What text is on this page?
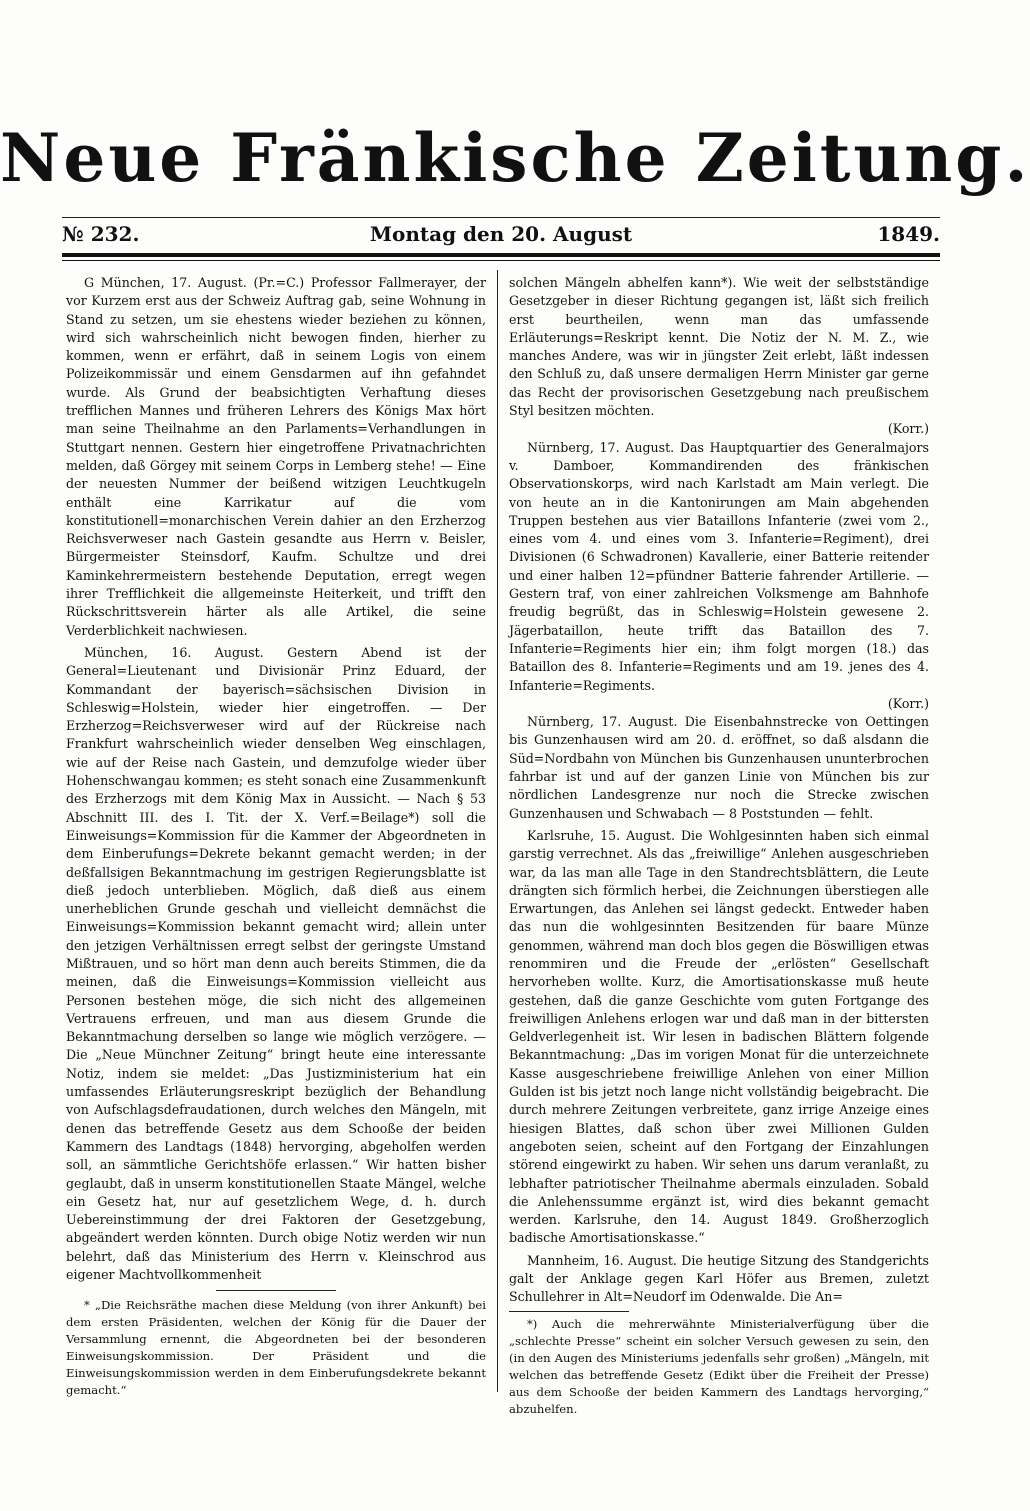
Neue Fränkische Zeitung.
№ 232.	Montag den 20. August	1849.

G München, 17. August. (Pr.=C.) Professor Fallmerayer, der vor Kurzem erst aus der Schweiz Auftrag gab, seine Wohnung in Stand zu setzen, um sie ehestens wieder beziehen zu können, wird sich wahrscheinlich nicht bewogen finden, hierher zu kommen, wenn er erfährt, daß in seinem Logis von einem Polizeikommissär und einem Gensdarmen auf ihn gefahndet wurde. Als Grund der beabsichtigten Verhaftung dieses trefflichen Mannes und früheren Lehrers des Königs Max hört man seine Theilnahme an den Parlaments=Verhandlungen in Stuttgart nennen. Gestern hier eingetroffene Privatnachrichten melden, daß Görgey mit seinem Corps in Lemberg stehe! — Eine der neuesten Nummer der beißend witzigen Leuchtkugeln enthält eine Karrikatur auf die vom konstitutionell=monarchischen Verein dahier an den Erzherzog Reichsverweser nach Gastein gesandte aus Herrn v. Beisler, Bürgermeister Steinsdorf, Kaufm. Schultze und drei Kaminkehrermeistern bestehende Deputation, erregt wegen ihrer Trefflichkeit die allgemeinste Heiterkeit, und trifft den Rückschrittsverein härter als alle Artikel, die seine Verderblichkeit nachwiesen.

München, 16. August. Gestern Abend ist der General=Lieutenant und Divisionär Prinz Eduard, der Kommandant der bayerisch=sächsischen Division in Schleswig=Holstein, wieder hier eingetroffen. — Der Erzherzog=Reichsverweser wird auf der Rückreise nach Frankfurt wahrscheinlich wieder denselben Weg einschlagen, wie auf der Reise nach Gastein, und demzufolge wieder über Hohenschwangau kommen; es steht sonach eine Zusammenkunft des Erzherzogs mit dem König Max in Aussicht. — Nach § 53 Abschnitt III. des I. Tit. der X. Verf.=Beilage*) soll die Einweisungs=Kommission für die Kammer der Abgeordneten in dem Einberufungs=Dekrete bekannt gemacht werden; in der deßfallsigen Bekanntmachung im gestrigen Regierungsblatte ist dieß jedoch unterblieben. Möglich, daß dieß aus einem unerheblichen Grunde geschah und vielleicht demnächst die Einweisungs=Kommission bekannt gemacht wird; allein unter den jetzigen Verhältnissen erregt selbst der geringste Umstand Mißtrauen, und so hört man denn auch bereits Stimmen, die da meinen, daß die Einweisungs=Kommission vielleicht aus Personen bestehen möge, die sich nicht des allgemeinen Vertrauens erfreuen, und man aus diesem Grunde die Bekanntmachung derselben so lange wie möglich verzögere. — Die „Neue Münchner Zeitung“ bringt heute eine interessante Notiz, indem sie meldet: „Das Justizministerium hat ein umfassendes Erläuterungsreskript bezüglich der Behandlung von Aufschlagsdefraudationen, durch welches den Mängeln, mit denen das betreffende Gesetz aus dem Schooße der beiden Kammern des Landtags (1848) hervorging, abgeholfen werden soll, an sämmtliche Gerichtshöfe erlassen.“ Wir hatten bisher geglaubt, daß in unserm konstitutionellen Staate Mängel, welche ein Gesetz hat, nur auf gesetzlichem Wege, d. h. durch Uebereinstimmung der drei Faktoren der Gesetzgebung, abgeändert werden könnten. Durch obige Notiz werden wir nun belehrt, daß das Ministerium des Herrn v. Kleinschrod aus eigener Machtvollkommenheit

* „Die Reichsräthe machen diese Meldung (von ihrer Ankunft) bei dem ersten Präsidenten, welchen der König für die Dauer der Versammlung ernennt, die Abgeordneten bei der besonderen Einweisungskommission. Der Präsident und die Einweisungskommission werden in dem Einberufungsdekrete bekannt gemacht.“

solchen Mängeln abhelfen kann*). Wie weit der selbstständige Gesetzgeber in dieser Richtung gegangen ist, läßt sich freilich erst beurtheilen, wenn man das umfassende Erläuterungs=Reskript kennt. Die Notiz der N. M. Z., wie manches Andere, was wir in jüngster Zeit erlebt, läßt indessen den Schluß zu, daß unsere dermaligen Herrn Minister gar gerne das Recht der provisorischen Gesetzgebung nach preußischem Styl besitzen möchten.

(Korr.)

Nürnberg, 17. August. Das Hauptquartier des Generalmajors v. Damboer, Kommandirenden des fränkischen Observationskorps, wird nach Karlstadt am Main verlegt. Die von heute an in die Kantonirungen am Main abgehenden Truppen bestehen aus vier Bataillons Infanterie (zwei vom 2., eines vom 4. und eines vom 3. Infanterie=Regiment), drei Divisionen (6 Schwadronen) Kavallerie, einer Batterie reitender und einer halben 12=pfündner Batterie fahrender Artillerie. — Gestern traf, von einer zahlreichen Volksmenge am Bahnhofe freudig begrüßt, das in Schleswig=Holstein gewesene 2. Jägerbataillon, heute trifft das Bataillon des 7. Infanterie=Regiments hier ein; ihm folgt morgen (18.) das Bataillon des 8. Infanterie=Regiments und am 19. jenes des 4. Infanterie=Regiments.

(Korr.)

Nürnberg, 17. August. Die Eisenbahnstrecke von Oettingen bis Gunzenhausen wird am 20. d. eröffnet, so daß alsdann die Süd=Nordbahn von München bis Gunzenhausen ununterbrochen fahrbar ist und auf der ganzen Linie von München bis zur nördlichen Landesgrenze nur noch die Strecke zwischen Gunzenhausen und Schwabach — 8 Poststunden — fehlt.

Karlsruhe, 15. August. Die Wohlgesinnten haben sich einmal garstig verrechnet. Als das „freiwillige“ Anlehen ausgeschrieben war, da las man alle Tage in den Standrechtsblättern, die Leute drängten sich förmlich herbei, die Zeichnungen überstiegen alle Erwartungen, das Anlehen sei längst gedeckt. Entweder haben das nun die wohlgesinnten Besitzenden für baare Münze genommen, während man doch blos gegen die Böswilligen etwas renommiren und die Freude der „erlösten“ Gesellschaft hervorheben wollte. Kurz, die Amortisationskasse muß heute gestehen, daß die ganze Geschichte vom guten Fortgange des freiwilligen Anlehens erlogen war und daß man in der bittersten Geldverlegenheit ist. Wir lesen in badischen Blättern folgende Bekanntmachung: „Das im vorigen Monat für die unterzeichnete Kasse ausgeschriebene freiwillige Anlehen von einer Million Gulden ist bis jetzt noch lange nicht vollständig beigebracht. Die durch mehrere Zeitungen verbreitete, ganz irrige Anzeige eines hiesigen Blattes, daß schon über zwei Millionen Gulden angeboten seien, scheint auf den Fortgang der Einzahlungen störend eingewirkt zu haben. Wir sehen uns darum veranlaßt, zu lebhafter patriotischer Theilnahme abermals einzuladen. Sobald die Anlehenssumme ergänzt ist, wird dies bekannt gemacht werden. Karlsruhe, den 14. August 1849. Großherzoglich badische Amortisationskasse.“

Mannheim, 16. August. Die heutige Sitzung des Standgerichts galt der Anklage gegen Karl Höfer aus Bremen, zuletzt Schullehrer in Alt=Neudorf im Odenwalde. Die An=

*) Auch die mehrerwähnte Ministerialverfügung über die „schlechte Presse“ scheint ein solcher Versuch gewesen zu sein, den (in den Augen des Ministeriums jedenfalls sehr großen) „Mängeln, mit welchen das betreffende Gesetz (Edikt über die Freiheit der Presse) aus dem Schooße der beiden Kammern des Landtags hervorging,“ abzuhelfen.
